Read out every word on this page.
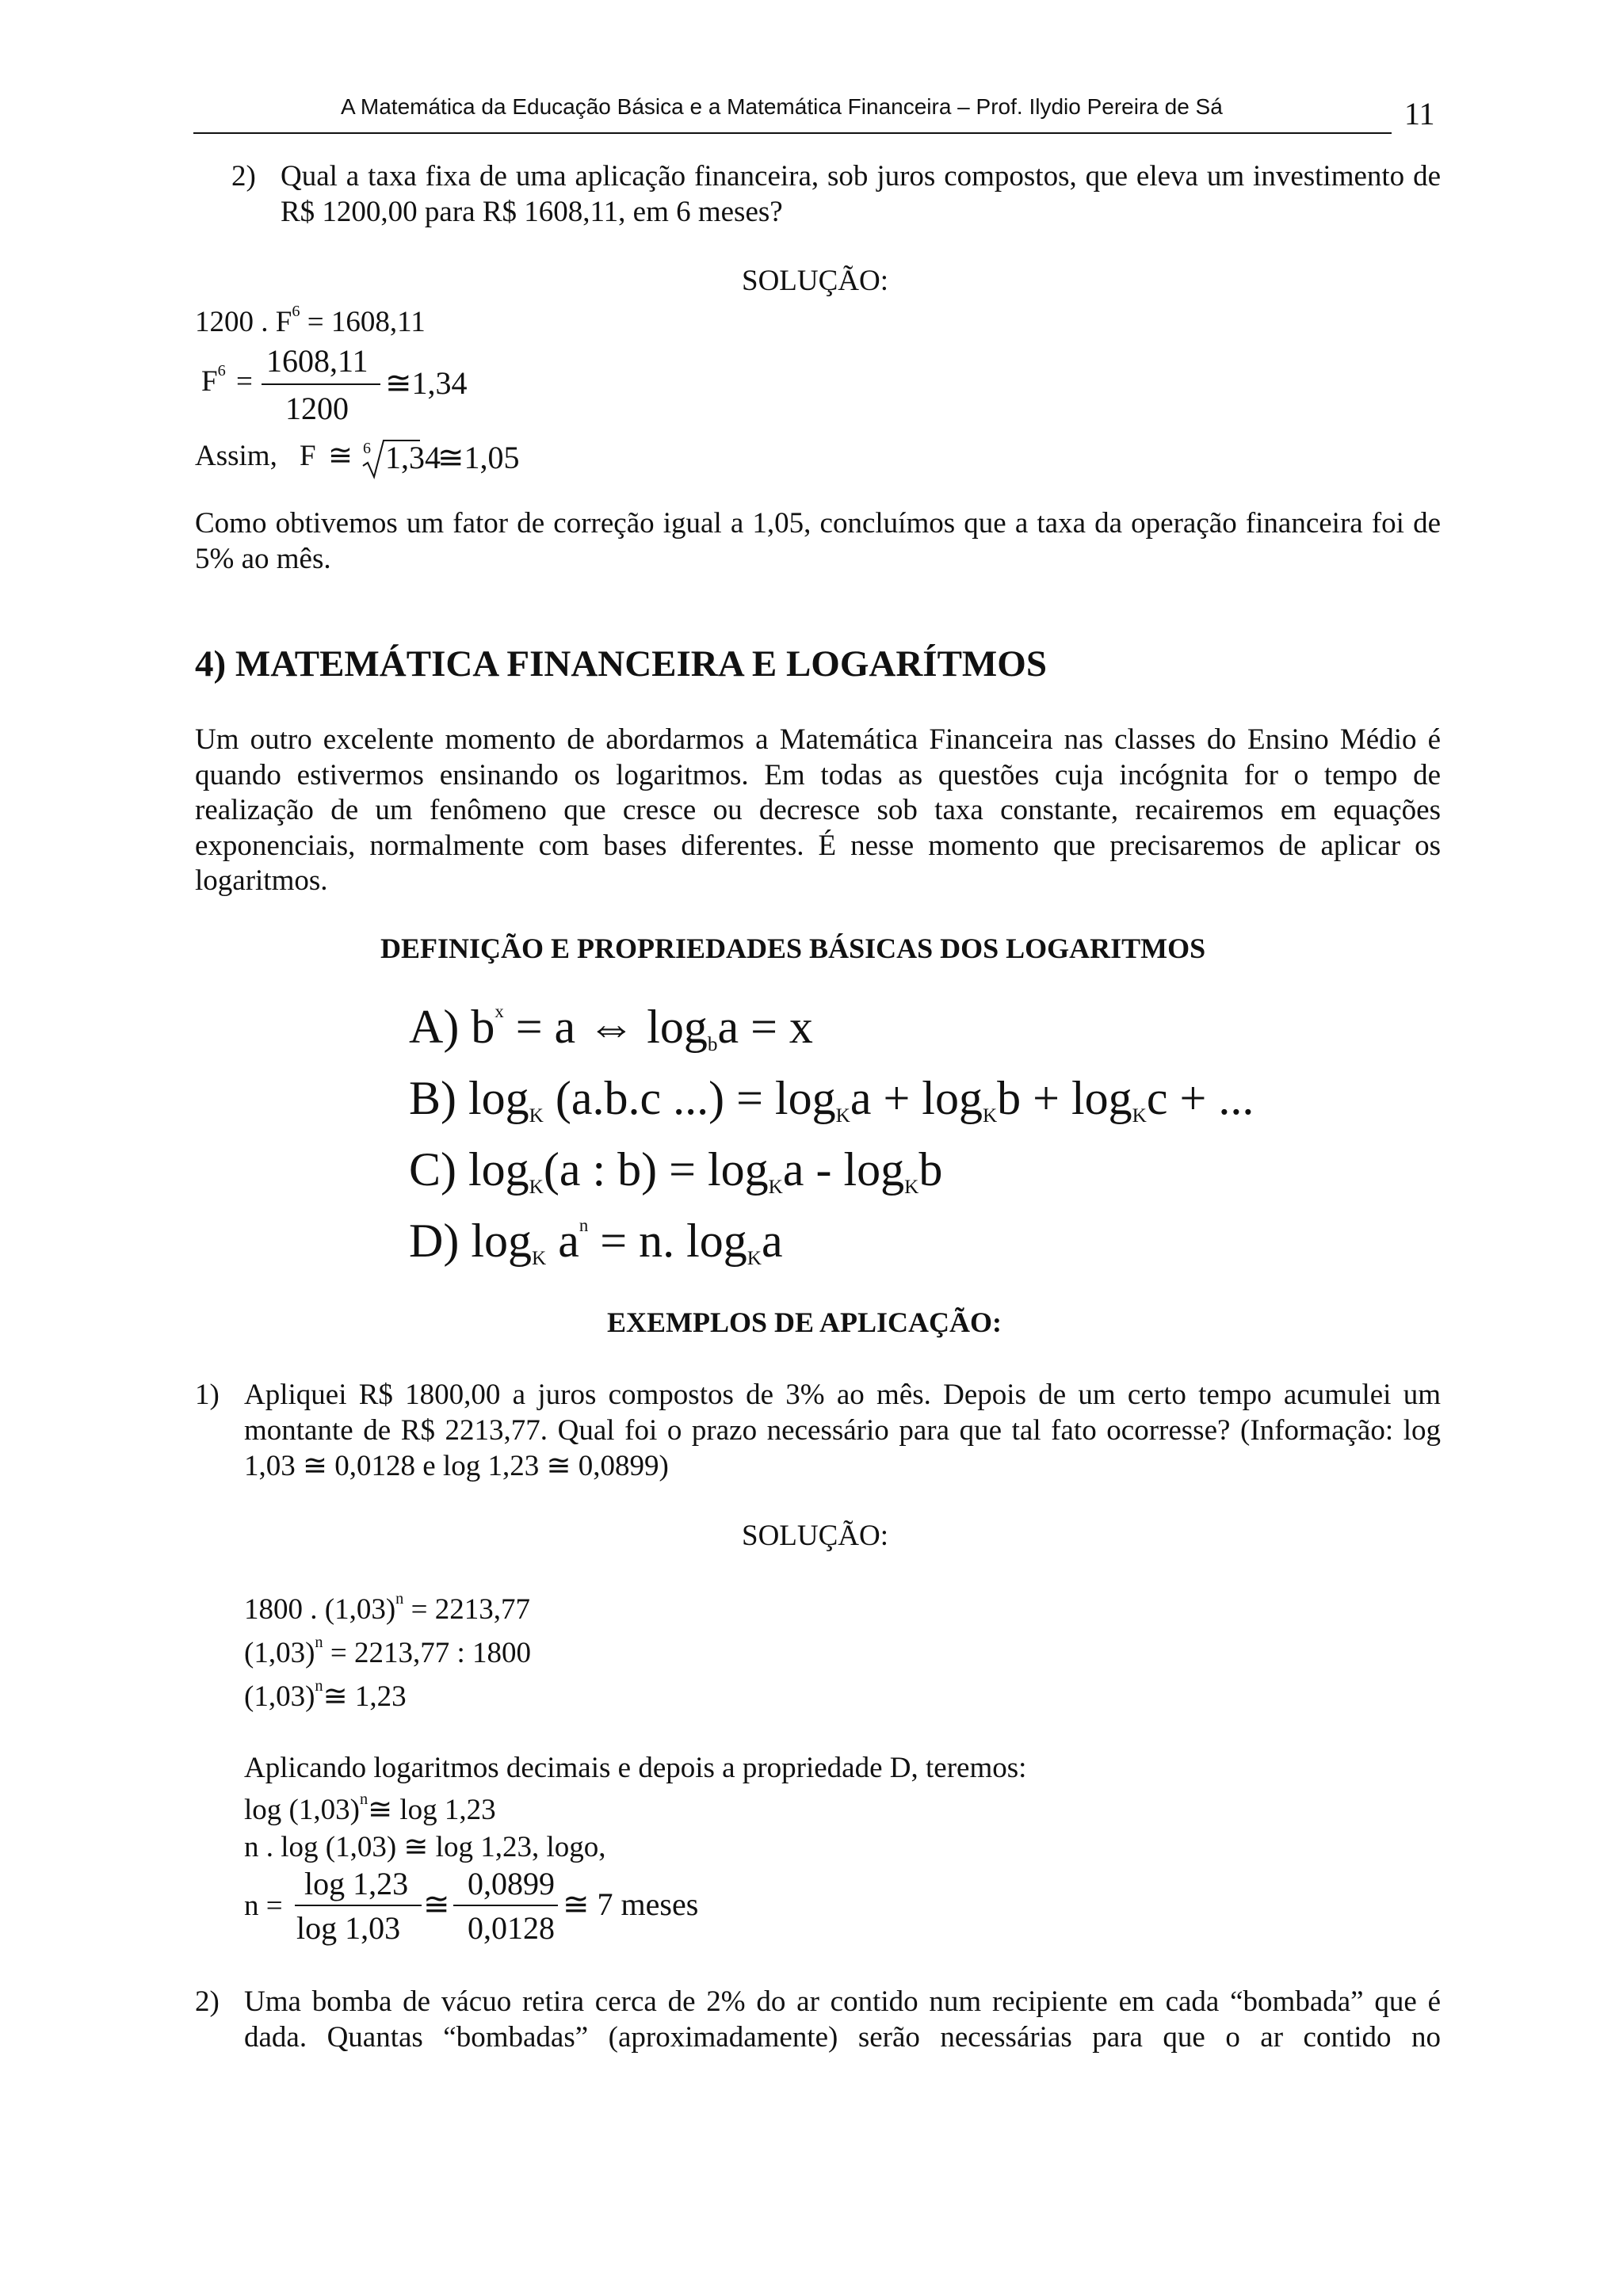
A Matemática da Educação Básica e a Matemática Financeira – Prof. Ilydio Pereira de Sá	11
2) Qual a taxa fixa de uma aplicação financeira, sob juros compostos, que eleva um investimento de R$ 1200,00 para R$ 1608,11, em 6 meses?
SOLUÇÃO:
1200 . $F^6 = 1608,11$
$F^6$ =
1608,11
1200
≅1,34
Assim, F ≅ 6 1,34
≅1,05
Como obtivemos um fator de correção igual a 1,05, concluímos que a taxa da operação financeira foi de 5% ao mês.
4) MATEMÁTICA FINANCEIRA E LOGARÍTMOS
Um outro excelente momento de abordarmos a Matemática Financeira nas classes do Ensino Médio é quando estivermos ensinando os logaritmos. Em todas as questões cuja incógnita for o tempo de realização de um fenômeno que cresce ou decresce sob taxa constante, recairemos em equações exponenciais, normalmente com bases diferentes. É nesse momento que precisaremos de aplicar os logaritmos.
DEFINIÇÃO E PROPRIEDADES BÁSICAS DOS LOGARITMOS
A) $b^x = a$ ⇔ $\log_ba = x$
B) $\log_K (a.b.c$ ...) = $\log_Ka + \log_Kb + \log_Kc$ + ...
C) $\log_K(a$ : $b) = \log_Ka - \log_Kb$
D) $\log_K a^n = n$. $\log_Ka$
EXEMPLOS DE APLICAÇÃO:
1) Apliquei R$ 1800,00 a juros compostos de 3% ao mês. Depois de um certo tempo acumulei um montante de R$ 2213,77. Qual foi o prazo necessário para que tal fato ocorresse? (Informação: log 1,03 ≅ 0,0128 e log 1,23 ≅ 0,0899)
SOLUÇÃO:
1800 . $(1,03)^n = 2213,77$
$(1,03)^n = 2213,77$ : 1800
$(1,03)^n≅$ 1,23
Aplicando logaritmos decimais e depois a propriedade D, teremos:
$\log (1,03)^n≅$ log 1,23
n . log (1,03) ≅ log 1,23, logo,
n =
log 1,23
log 1,03
≅
0,0899
0,0128
≅ 7 meses
2) Uma bomba de vácuo retira cerca de 2% do ar contido num recipiente em cada “bombada” que é dada. Quantas “bombadas” (aproximadamente) serão necessárias para que o ar contido no
